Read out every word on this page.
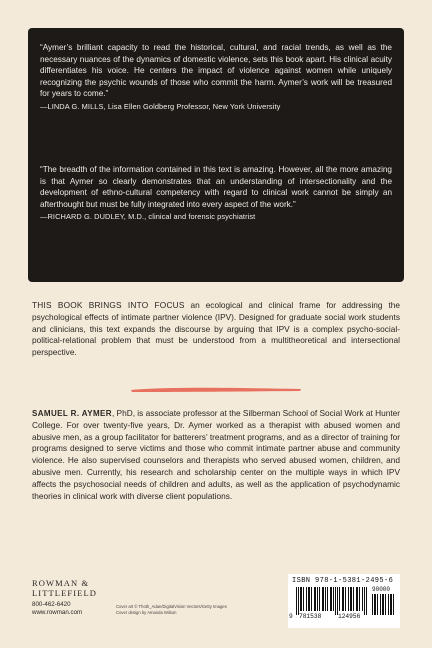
“Aymer’s brilliant capacity to read the historical, cultural, and racial trends, as well as the necessary nuances of the dynamics of domestic violence, sets this book apart. His clinical acuity differentiates his voice. He centers the impact of violence against women while uniquely recognizing the psychic wounds of those who commit the harm. Aymer’s work will be treasured for years to come.”
—LINDA G. MILLS, Lisa Ellen Goldberg Professor, New York University
“The breadth of the information contained in this text is amazing. However, all the more amazing is that Aymer so clearly demonstrates that an understanding of intersectionality and the development of ethno-cultural competency with regard to clinical work cannot be simply an afterthought but must be fully integrated into every aspect of the work.”
—RICHARD G. DUDLEY, M.D., clinical and forensic psychiatrist
THIS BOOK BRINGS INTO FOCUS an ecological and clinical frame for addressing the psychological effects of intimate partner violence (IPV). Designed for graduate social work students and clinicians, this text expands the discourse by arguing that IPV is a complex psycho-social-political-relational problem that must be understood from a multitheoretical and intersectional perspective.
SAMUEL R. AYMER, PhD, is associate professor at the Silberman School of Social Work at Hunter College. For over twenty-five years, Dr. Aymer worked as a therapist with abused women and abusive men, as a group facilitator for batterers’ treatment programs, and as a director of training for programs designed to serve victims and those who commit intimate partner abuse and community violence. He also supervised counselors and therapists who served abused women, children, and abusive men. Currently, his research and scholarship center on the multiple ways in which IPV affects the psychosocial needs of children and adults, as well as the application of psychodynamic theories in clinical work with diverse client populations.
ROWMAN &
LITTLEFIELD
800-462-6420
www.rowman.com
Cover art © Thoth_Adan/DigitalVision Vectors/Getty Images
Cover design by Amanda Wilson
ISBN 978-1-5381-2495-6
90000
9 781538	124956
